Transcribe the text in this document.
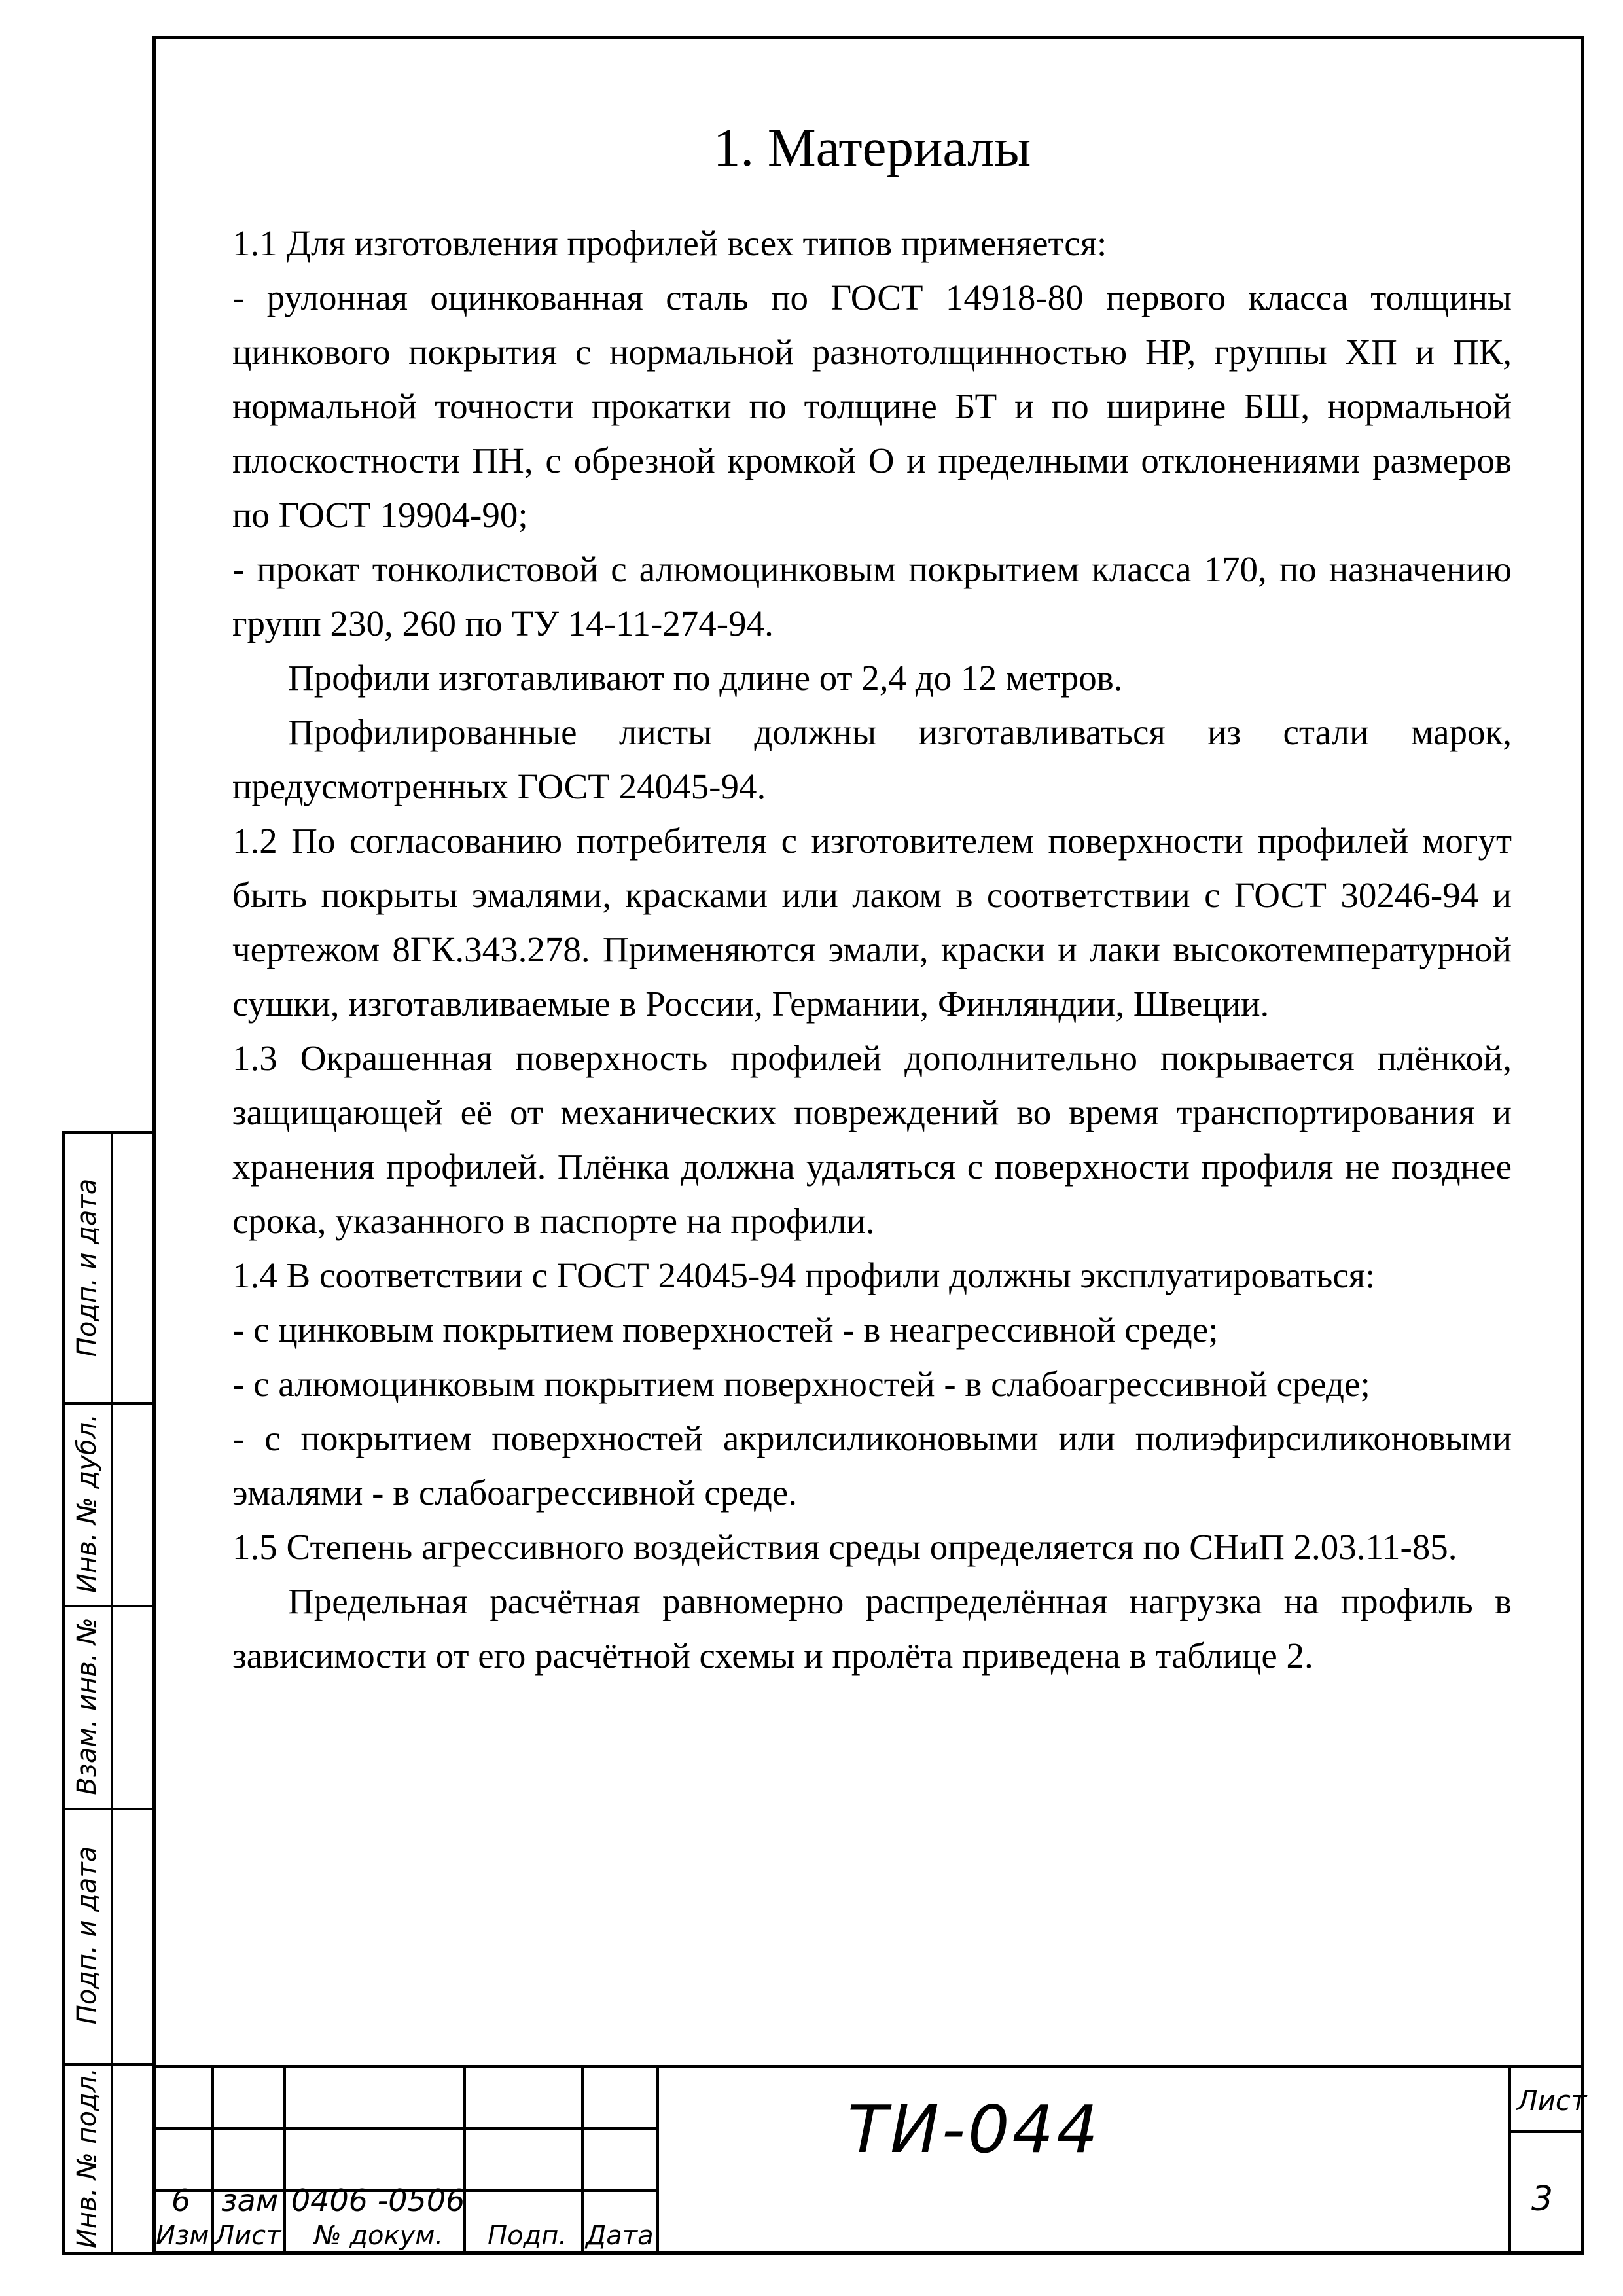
1. Материалы

1.1 Для изготовления профилей всех типов применяется:

- рулонная оцинкованная сталь по ГОСТ 14918-80 первого класса толщины цинкового покрытия с нормальной разнотолщинностью НР, группы ХП и ПК, нормальной точности прокатки по толщине БТ и по ширине БШ, нормальной плоскостности ПН, с обрезной кромкой О и пределными отклонениями размеров по ГОСТ 19904-90;

- прокат тонколистовой с алюмоцинковым покрытием класса 170, по назначению групп 230, 260 по ТУ 14-11-274-94.

Профили изготавливают по длине от 2,4 до 12 метров.

Профилированные листы должны изготавливаться из стали марок, предусмотренных ГОСТ 24045-94.

1.2 По согласованию потребителя с изготовителем поверхности профилей могут быть покрыты эмалями, красками или лаком в соответствии с ГОСТ 30246-94 и чертежом 8ГК.343.278. Применяются эмали, краски и лаки высокотемпературной сушки, изготавливаемые в России, Германии, Финляндии, Швеции.

1.3 Окрашенная поверхность профилей дополнительно покрывается плёнкой, защищающей её от механических повреждений во время транспортирования и хранения профилей. Плёнка должна удаляться с поверхности профиля не позднее срока, указанного в паспорте на профили.

1.4 В соответствии с ГОСТ 24045-94 профили должны эксплуатироваться:

- с цинковым покрытием поверхностей - в неагрессивной среде;

- с алюмоцинковым покрытием поверхностей - в слабоагрессивной среде;

- с покрытием поверхностей акрилсиликоновыми или полиэфирсиликоновыми эмалями - в слабоагрессивной среде.

1.5 Степень агрессивного воздействия среды определяется по СНиП 2.03.11-85.

Предельная расчётная равномерно распределённая нагрузка на профиль в зависимости от его расчётной схемы и пролёта приведена в таблице 2.

Подп. и дата
Инв. № дубл.
Взам. инв. №
Подп. и дата
Инв. № подл. 6 зам 0406 -0506
Изм Лист № докум. Подп. Дата
ТИ-044	Лист
3
